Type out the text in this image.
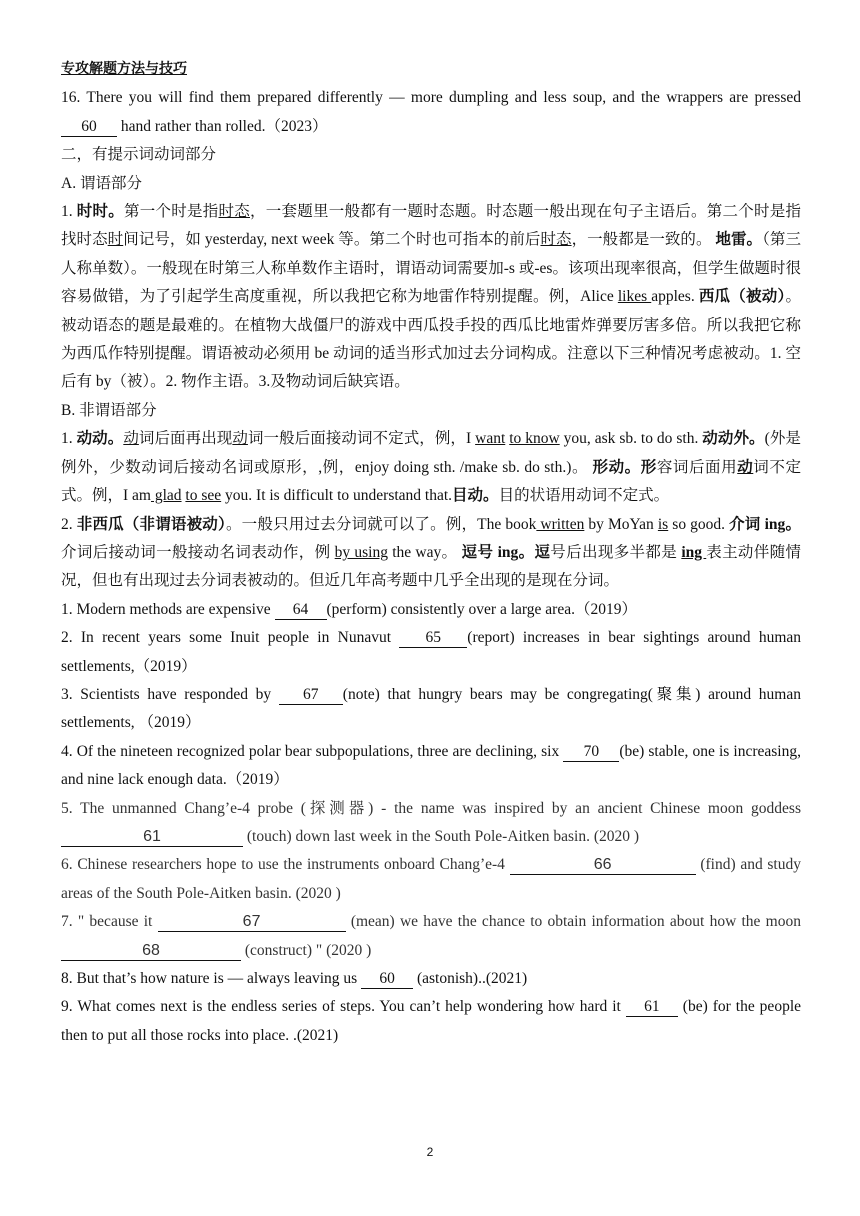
专攻解题方法与技巧
16. There you will find them prepared differently — more dumpling and less soup, and the wrappers are pressed 60 hand rather than rolled.（2023）
二，有提示词动词部分
A. 谓语部分
1. 时时。第一个时是指时态，一套题里一般都有一题时态题。时态题一般出现在句子主语后。第二个时是指找时态时间记号，如 yesterday, next week 等。第二个时也可指本的前后时态，一般都是一致的。 地雷。（第三人称单数）。一般现在时第三人称单数作主语时，谓语动词需要加-s 或-es。该项出现率很高，但学生做题时很容易做错，为了引起学生高度重视，所以我把它称为地雷作特别提醒。例，Alice likes apples. 西瓜（被动）。被动语态的题是最难的。在植物大战僵尸的游戏中西瓜投手投的西瓜比地雷炸弹要厉害多倍。所以我把它称为西瓜作特别提醒。谓语被动必须用 be 动词的适当形式加过去分词构成。注意以下三种情况考虑被动。1. 空后有 by（被）。2. 物作主语。3.及物动词后缺宾语。
B. 非谓语部分
1. 动动。动词后面再出现动词一般后面接动词不定式，例，I want to know you, ask sb. to do sth. 动动外。(外是例外，少数动词后接动名词或原形，,例，enjoy doing sth. /make sb. do sth.)。 形动。形容词后面用动词不定式。例，I am glad to see you. It is difficult to understand that.目动。目的状语用动词不定式。
2. 非西瓜（非谓语被动）。一般只用过去分词就可以了。例，The book written by MoYan is so good. 介词 ing。介词后接动词一般接动名词表动作，例 by using the way。 逗号 ing。逗号后出现多半都是 ing 表主动伴随情况，但也有出现过去分词表被动的。但近几年高考题中几乎全出现的是现在分词。
1. Modern methods are expensive 64 (perform) consistently over a large area.（2019）
2. In recent years some Inuit people in Nunavut 65 (report) increases in bear sightings around human settlements,（2019）
3. Scientists have responded by 67 (note) that hungry bears may be congregating(聚集) around human settlements, （2019）
4. Of the nineteen recognized polar bear subpopulations, three are declining, six 70 (be) stable, one is increasing, and nine lack enough data.（2019）
5. The unmanned Chang’e-4 probe (探测器) - the name was inspired by an ancient Chinese moon goddess 61	(touch) down last week in the South Pole-Aitken basin. (2020 )
6. Chinese researchers hope to use the instruments onboard Chang’e-4	66	(find) and study areas of the South Pole-Aitken basin. (2020 )
7. " because it	67	(mean) we have the chance to obtain information about how the moon 68	(construct) " (2020 )
8. But that’s how nature is — always leaving us 60 (astonish)..(2021)
9. What comes next is the endless series of steps. You can’t help wondering how hard it 61 (be) for the people then to put all those rocks into place. .(2021)
2
